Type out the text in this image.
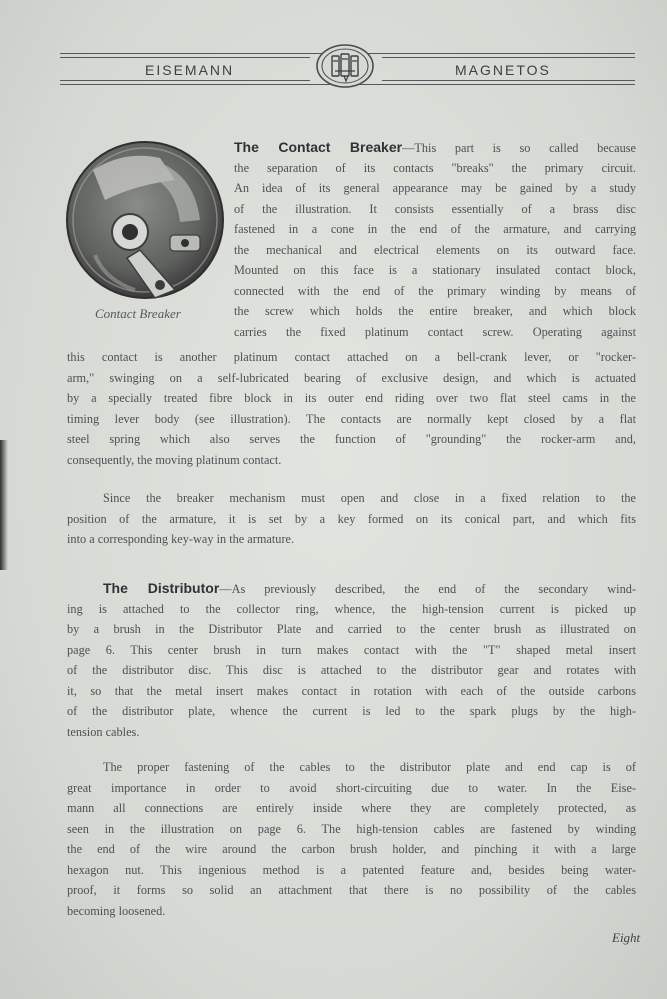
EISEMANN	MAGNETOS
Contact Breaker
The Contact Breaker—This part is so called because
the separation of its contacts "breaks" the primary circuit.
An idea of its general appearance may be gained by a study
of the illustration. It consists essentially of a brass disc
fastened in a cone in the end of the armature, and carrying
the mechanical and electrical elements on its outward face.
Mounted on this face is a stationary insulated contact block,
connected with the end of the primary winding by means of
the screw which holds the entire breaker, and which block
carries the fixed platinum contact screw. Operating against
this contact is another platinum contact attached on a bell-crank lever, or "rocker-
arm," swinging on a self-lubricated bearing of exclusive design, and which is actuated
by a specially treated fibre block in its outer end riding over two flat steel cams in the
timing lever body (see illustration). The contacts are normally kept closed by a flat
steel spring which also serves the function of "grounding" the rocker-arm and,
consequently, the moving platinum contact.
Since the breaker mechanism must open and close in a fixed relation to the
position of the armature, it is set by a key formed on its conical part, and which fits
into a corresponding key-way in the armature.
The Distributor—As previously described, the end of the secondary wind-
ing is attached to the collector ring, whence, the high-tension current is picked up
by a brush in the Distributor Plate and carried to the center brush as illustrated on
page 6. This center brush in turn makes contact with the "T" shaped metal insert
of the distributor disc. This disc is attached to the distributor gear and rotates with
it, so that the metal insert makes contact in rotation with each of the outside carbons
of the distributor plate, whence the current is led to the spark plugs by the high-
tension cables.
The proper fastening of the cables to the distributor plate and end cap is of
great importance in order to avoid short-circuiting due to water. In the Eise-
mann all connections are entirely inside where they are completely protected, as
seen in the illustration on page 6. The high-tension cables are fastened by winding
the end of the wire around the carbon brush holder, and pinching it with a large
hexagon nut. This ingenious method is a patented feature and, besides being water-
proof, it forms so solid an attachment that there is no possibility of the cables
becoming loosened.
Eight
